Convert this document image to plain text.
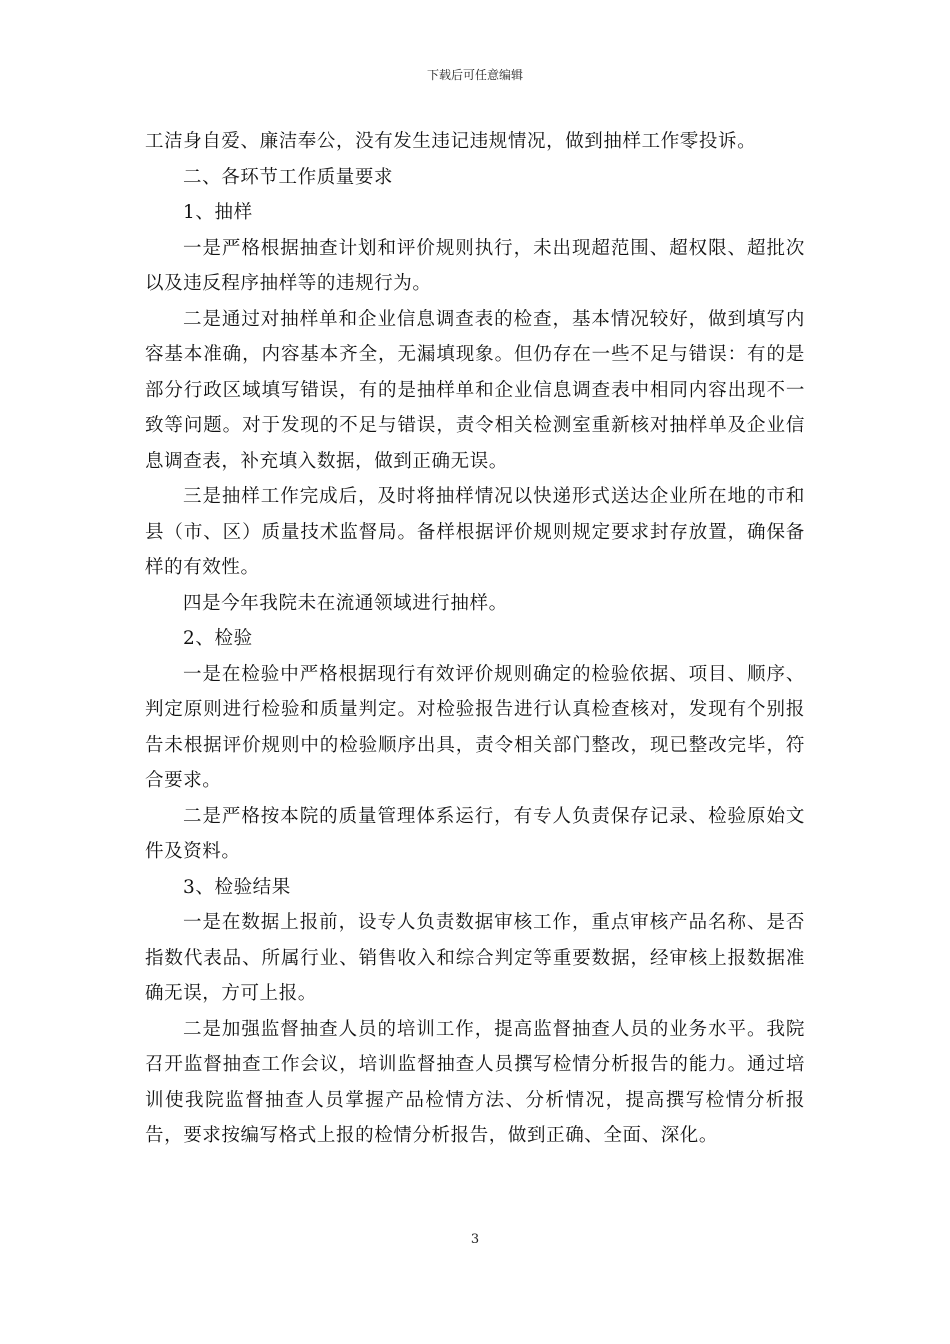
下载后可任意编辑

工洁身自爱、廉洁奉公，没有发生违记违规情况，做到抽样工作零投诉。

二、各环节工作质量要求

1、抽样

一是严格根据抽查计划和评价规则执行，未出现超范围、超权限、超批次以及违反程序抽样等的违规行为。

二是通过对抽样单和企业信息调查表的检查，基本情况较好，做到填写内容基本准确，内容基本齐全，无漏填现象。但仍存在一些不足与错误：有的是部分行政区域填写错误，有的是抽样单和企业信息调查表中相同内容出现不一致等问题。对于发现的不足与错误，责令相关检测室重新核对抽样单及企业信息调查表，补充填入数据，做到正确无误。

三是抽样工作完成后，及时将抽样情况以快递形式送达企业所在地的市和县（市、区）质量技术监督局。备样根据评价规则规定要求封存放置，确保备样的有效性。

四是今年我院未在流通领域进行抽样。

2、检验

一是在检验中严格根据现行有效评价规则确定的检验依据、项目、顺序、判定原则进行检验和质量判定。对检验报告进行认真检查核对，发现有个别报告未根据评价规则中的检验顺序出具，责令相关部门整改，现已整改完毕，符合要求。

二是严格按本院的质量管理体系运行，有专人负责保存记录、检验原始文件及资料。

3、检验结果

一是在数据上报前，设专人负责数据审核工作，重点审核产品名称、是否指数代表品、所属行业、销售收入和综合判定等重要数据，经审核上报数据准确无误，方可上报。

二是加强监督抽查人员的培训工作，提高监督抽查人员的业务水平。我院召开监督抽查工作会议，培训监督抽查人员撰写检情分析报告的能力。通过培训使我院监督抽查人员掌握产品检情方法、分析情况，提高撰写检情分析报告，要求按编写格式上报的检情分析报告，做到正确、全面、深化。

3
